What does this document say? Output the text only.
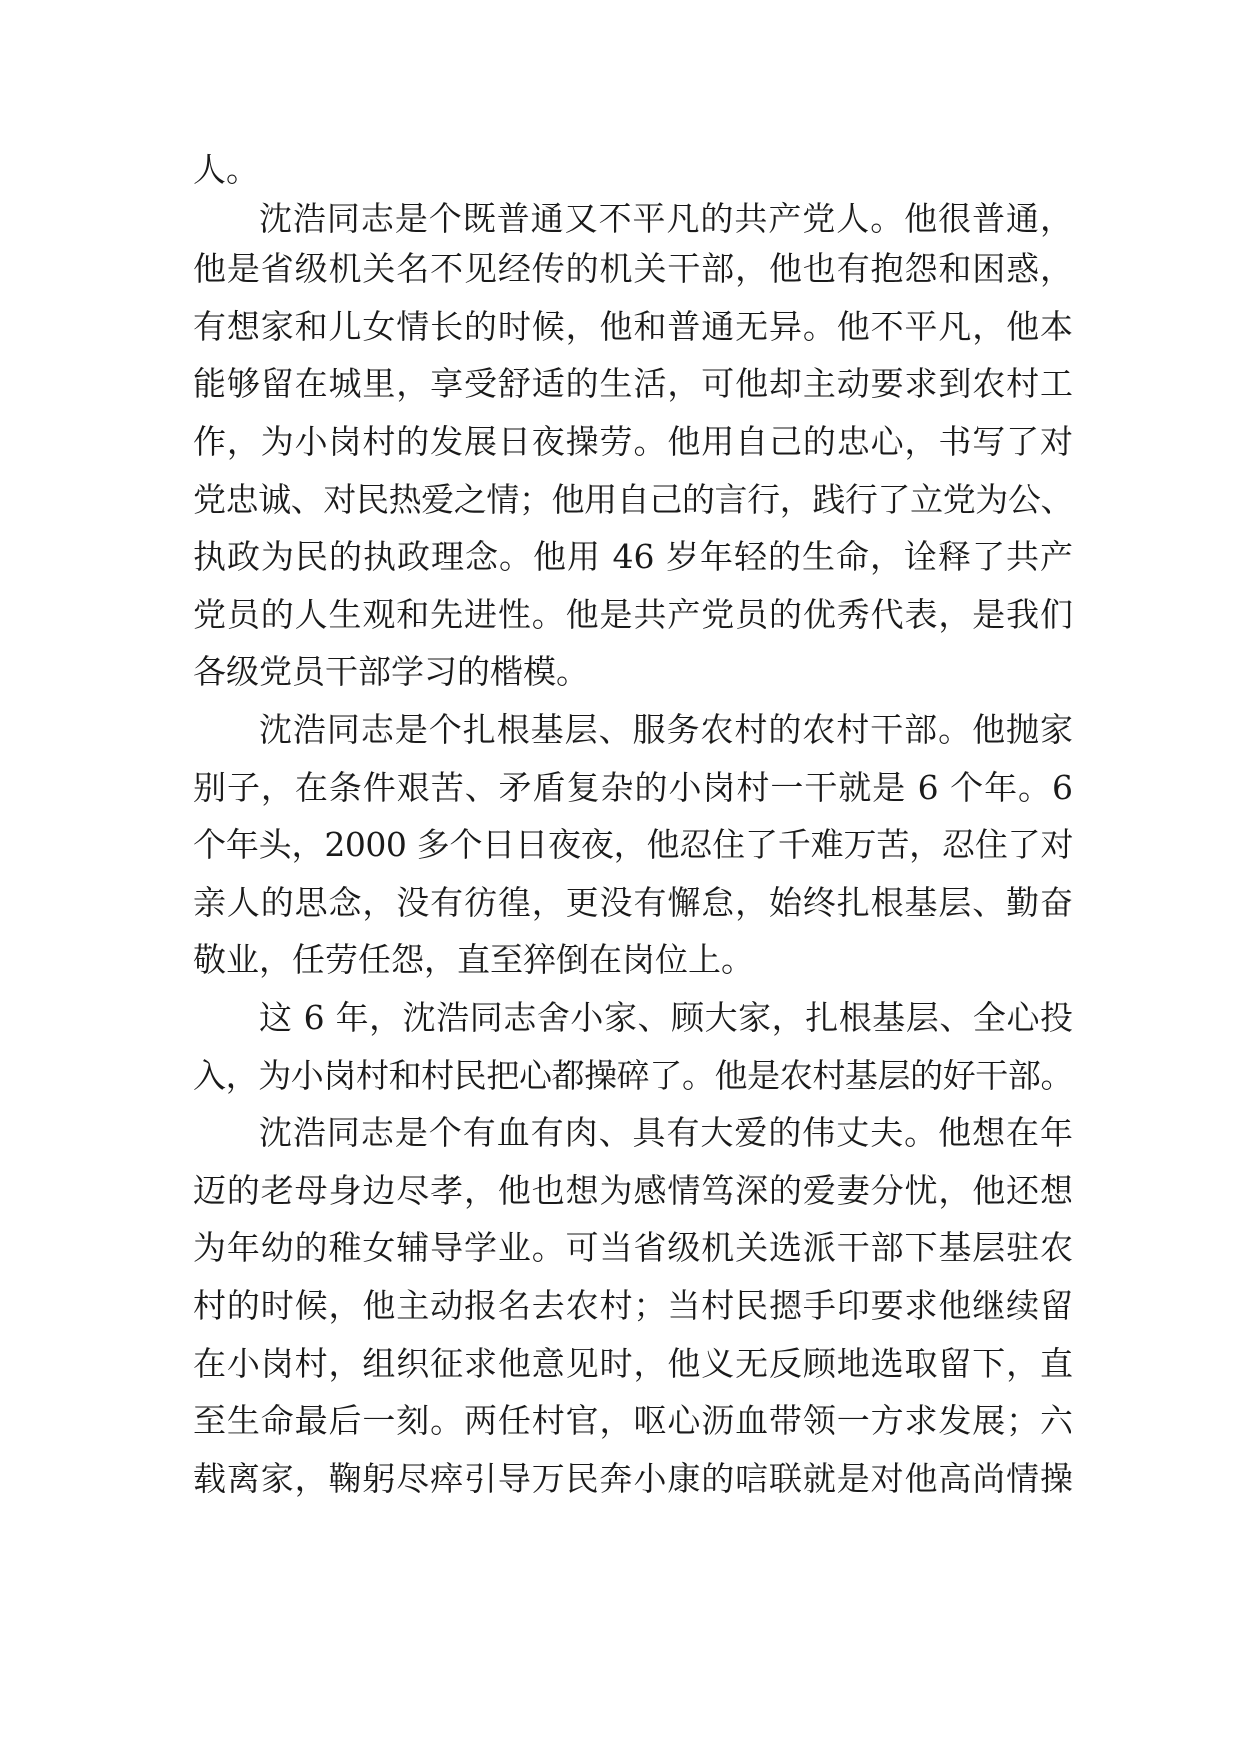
人。

沈浩同志是个既普通又不平凡的共产党人。他很普通，

他是省级机关名不见经传的机关干部，他也有抱怨和困惑，

有想家和儿女情长的时候，他和普通无异。他不平凡，他本

能够留在城里，享受舒适的生活，可他却主动要求到农村工

作，为小岗村的发展日夜操劳。他用自己的忠心，书写了对

党忠诚、对民热爱之情；他用自己的言行，践行了立党为公、

执政为民的执政理念。他用 46 岁年轻的生命，诠释了共产

党员的人生观和先进性。他是共产党员的优秀代表，是我们

各级党员干部学习的楷模。

沈浩同志是个扎根基层、服务农村的农村干部。他抛家

别子，在条件艰苦、矛盾复杂的小岗村一干就是 6 个年。6

个年头，2000 多个日日夜夜，他忍住了千难万苦，忍住了对

亲人的思念，没有彷徨，更没有懈怠，始终扎根基层、勤奋

敬业，任劳任怨，直至猝倒在岗位上。

这 6 年，沈浩同志舍小家、顾大家，扎根基层、全心投

入，为小岗村和村民把心都操碎了。他是农村基层的好干部。

沈浩同志是个有血有肉、具有大爱的伟丈夫。他想在年

迈的老母身边尽孝，他也想为感情笃深的爱妻分忧，他还想

为年幼的稚女辅导学业。可当省级机关选派干部下基层驻农

村的时候，他主动报名去农村；当村民摁手印要求他继续留

在小岗村，组织征求他意见时，他义无反顾地选取留下，直

至生命最后一刻。两任村官，呕心沥血带领一方求发展；六

载离家，鞠躬尽瘁引导万民奔小康的唁联就是对他高尚情操
